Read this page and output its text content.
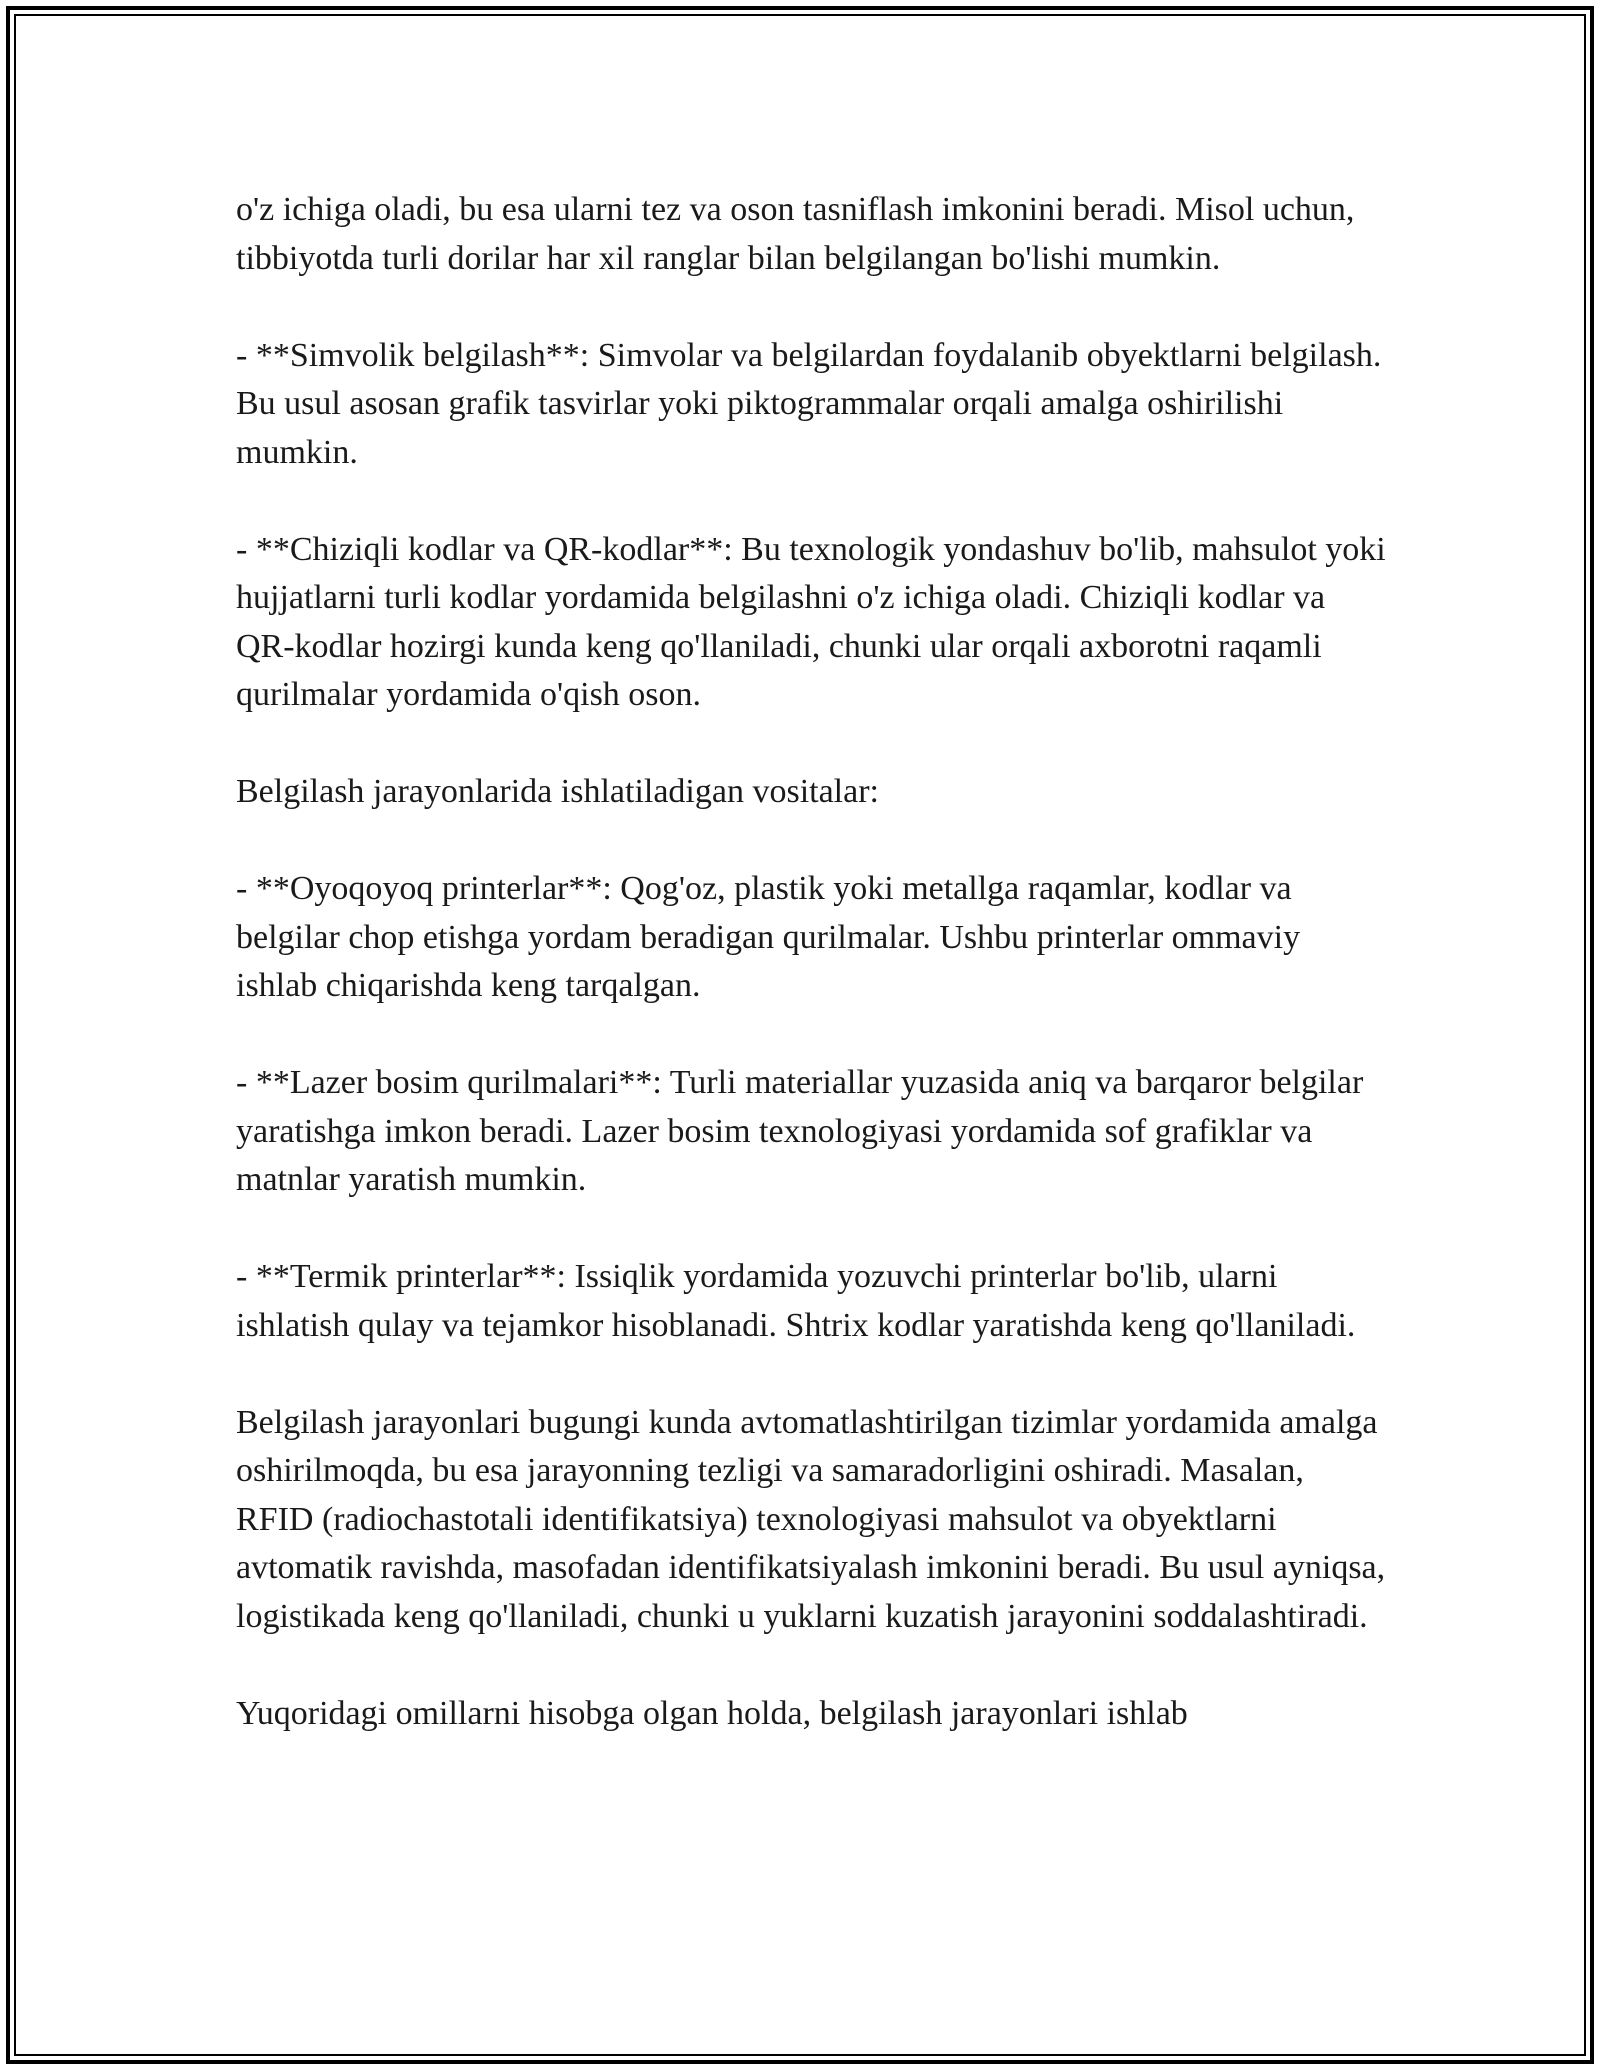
o'z ichiga oladi, bu esa ularni tez va oson tasniflash imkonini beradi. Misol uchun, tibbiyotda turli dorilar har xil ranglar bilan belgilangan bo'lishi mumkin.

- **Simvolik belgilash**: Simvolar va belgilardan foydalanib obyektlarni belgilash. Bu usul asosan grafik tasvirlar yoki piktogrammalar orqali amalga oshirilishi mumkin.

- **Chiziqli kodlar va QR-kodlar**: Bu texnologik yondashuv bo'lib, mahsulot yoki hujjatlarni turli kodlar yordamida belgilashni o'z ichiga oladi. Chiziqli kodlar va QR-kodlar hozirgi kunda keng qo'llaniladi, chunki ular orqali axborotni raqamli qurilmalar yordamida o'qish oson.

Belgilash jarayonlarida ishlatiladigan vositalar:

- **Oyoqoyoq printerlar**: Qog'oz, plastik yoki metallga raqamlar, kodlar va belgilar chop etishga yordam beradigan qurilmalar. Ushbu printerlar ommaviy ishlab chiqarishda keng tarqalgan.

- **Lazer bosim qurilmalari**: Turli materiallar yuzasida aniq va barqaror belgilar yaratishga imkon beradi. Lazer bosim texnologiyasi yordamida sof grafiklar va matnlar yaratish mumkin.

- **Termik printerlar**: Issiqlik yordamida yozuvchi printerlar bo'lib, ularni ishlatish qulay va tejamkor hisoblanadi. Shtrix kodlar yaratishda keng qo'llaniladi.

Belgilash jarayonlari bugungi kunda avtomatlashtirilgan tizimlar yordamida amalga oshirilmoqda, bu esa jarayonning tezligi va samaradorligini oshiradi. Masalan, RFID (radiochastotali identifikatsiya) texnologiyasi mahsulot va obyektlarni avtomatik ravishda, masofadan identifikatsiyalash imkonini beradi. Bu usul ayniqsa, logistikada keng qo'llaniladi, chunki u yuklarni kuzatish jarayonini soddalashtiradi.

Yuqoridagi omillarni hisobga olgan holda, belgilash jarayonlari ishlab
